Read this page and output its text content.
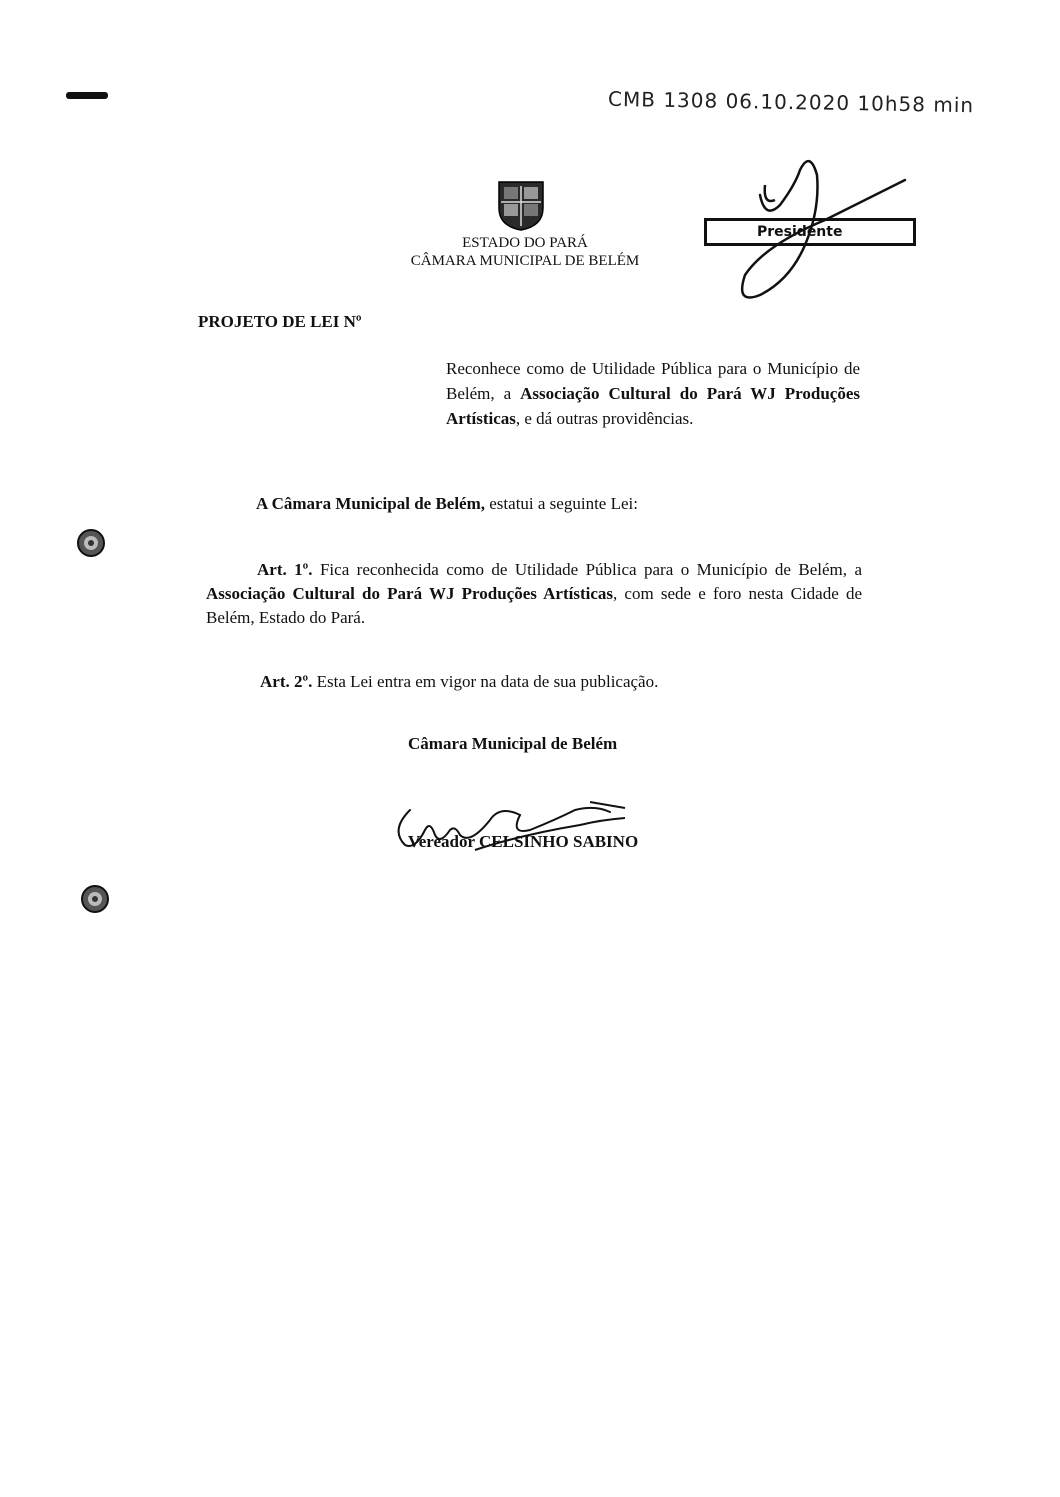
CMB 1308 06.10.2020 10h58 min
ESTADO DO PARÁ
CÂMARA MUNICIPAL DE BELÉM
Presidente
PROJETO DE LEI Nº
Reconhece como de Utilidade Pública para o Município de Belém, a Associação Cultural do Pará WJ Produções Artísticas, e dá outras providências.
A Câmara Municipal de Belém, estatui a seguinte Lei:
Art. 1º. Fica reconhecida como de Utilidade Pública para o Município de Belém, a Associação Cultural do Pará WJ Produções Artísticas, com sede e foro nesta Cidade de Belém, Estado do Pará.
Art. 2º. Esta Lei entra em vigor na data de sua publicação.
Câmara Municipal de Belém
Vereador CELSINHO SABINO
